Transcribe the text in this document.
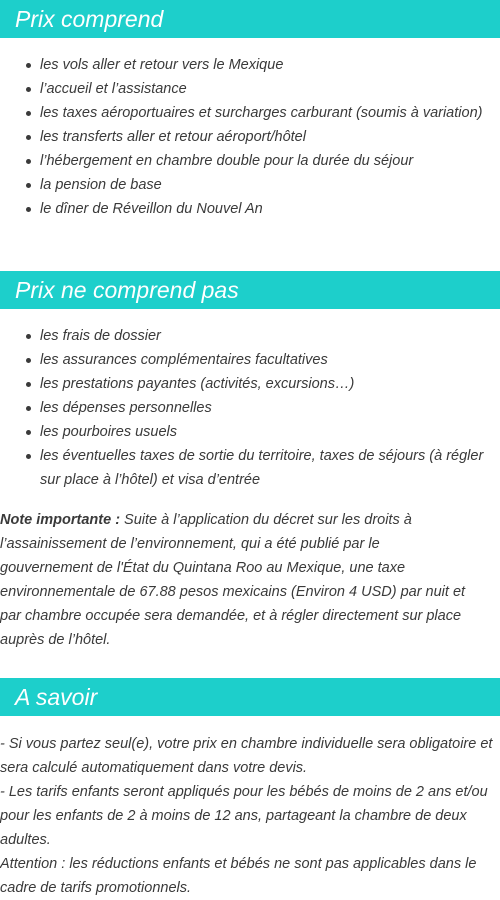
Prix comprend
les vols aller et retour vers le Mexique
l’accueil et l’assistance
les taxes aéroportuaires et surcharges carburant (soumis à variation)
les transferts aller et retour aéroport/hôtel
l’hébergement en chambre double pour la durée du séjour
la pension de base
le dîner de Réveillon du Nouvel An
Prix ne comprend pas
les frais de dossier
les assurances complémentaires facultatives
les prestations payantes (activités, excursions…)
les dépenses personnelles
les pourboires usuels
les éventuelles taxes de sortie du territoire, taxes de séjours (à régler sur place à l’hôtel) et visa d’entrée
Note importante : Suite à l’application du décret sur les droits à l’assainissement de l’environnement, qui a été publié par le gouvernement de l'État du Quintana Roo au Mexique, une taxe environnementale de 67.88 pesos mexicains (Environ 4 USD) par nuit et par chambre occupée sera demandée, et à régler directement sur place auprès de l’hôtel.
A savoir

- Si vous partez seul(e), votre prix en chambre individuelle sera obligatoire et sera calculé automatiquement dans votre devis.

- Les tarifs enfants seront appliqués pour les bébés de moins de 2 ans et/ou pour les enfants de 2 à moins de 12 ans, partageant la chambre de deux adultes.

Attention : les réductions enfants et bébés ne sont pas applicables dans le cadre de tarifs promotionnels.
